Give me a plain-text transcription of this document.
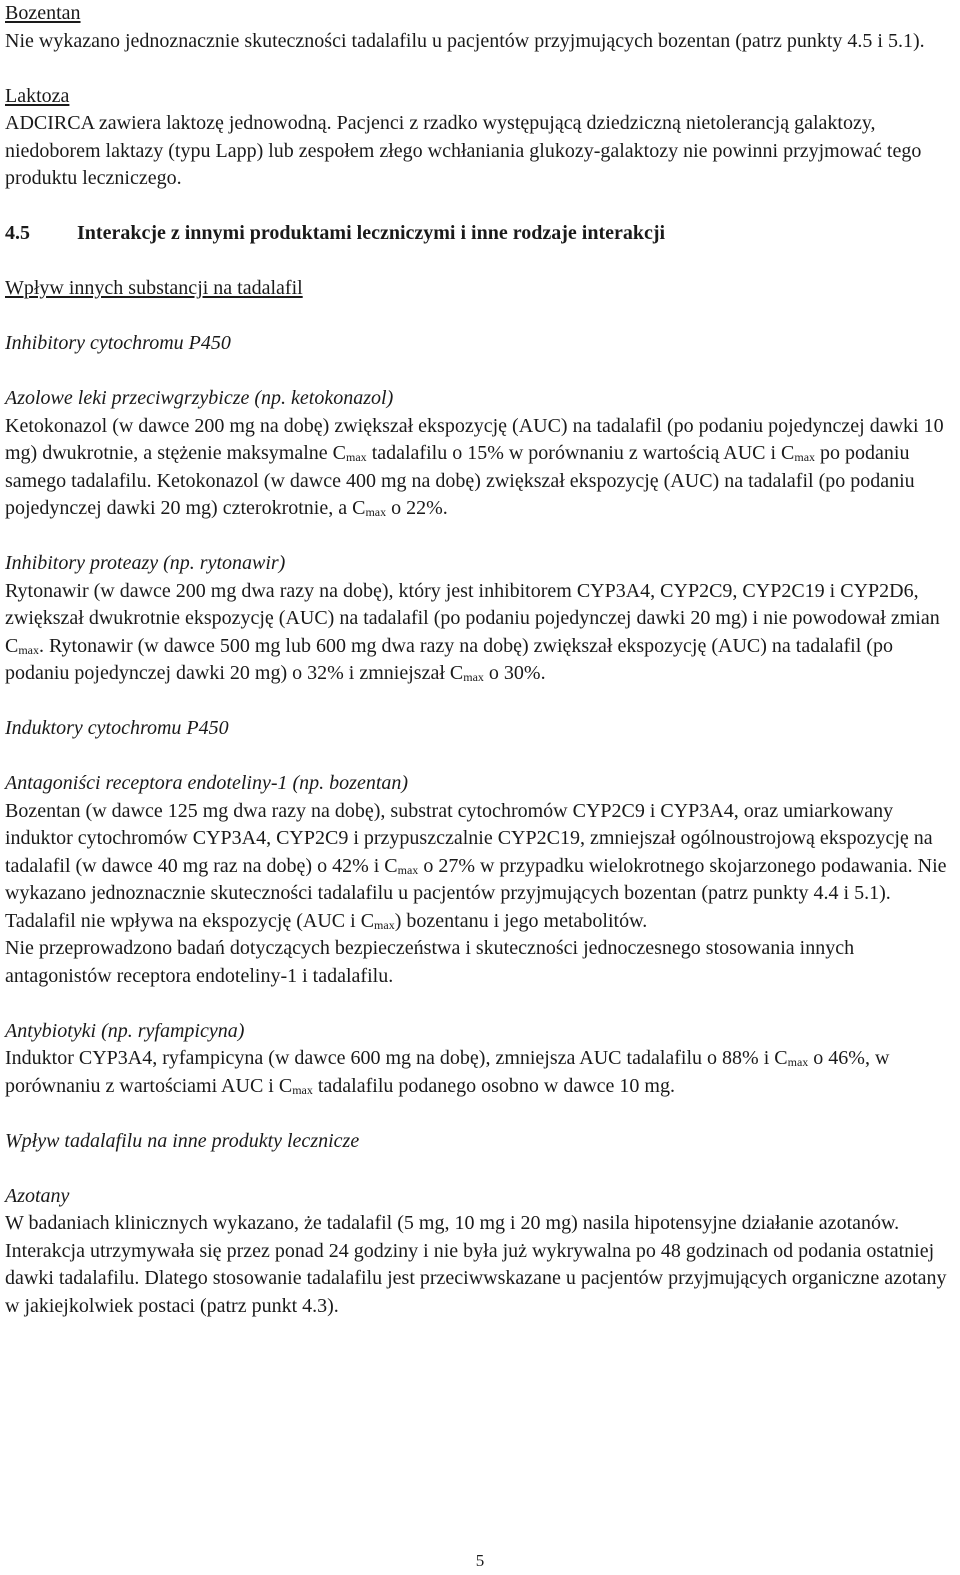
Bozentan

Nie wykazano jednoznacznie skuteczności tadalafilu u pacjentów przyjmujących bozentan (patrz punkty 4.5 i 5.1).

Laktoza

ADCIRCA zawiera laktozę jednowodną. Pacjenci z rzadko występującą dziedziczną nietolerancją galaktozy, niedoborem laktazy (typu Lapp) lub zespołem złego wchłaniania glukozy-galaktozy nie powinni przyjmować tego produktu leczniczego.

4.5	Interakcje z innymi produktami leczniczymi i inne rodzaje interakcji

Wpływ innych substancji na tadalafil

Inhibitory cytochromu P450

Azolowe leki przeciwgrzybicze (np. ketokonazol)

Ketokonazol (w dawce 200 mg na dobę) zwiększał ekspozycję (AUC) na tadalafil (po podaniu pojedynczej dawki 10 mg) dwukrotnie, a stężenie maksymalne $C_{max}$ tadalafilu o 15% w porównaniu z wartością AUC i $C_{max}$ po podaniu samego tadalafilu. Ketokonazol (w dawce 400 mg na dobę) zwiększał ekspozycję (AUC) na tadalafil (po podaniu pojedynczej dawki 20 mg) czterokrotnie, a $C_{max}$ o 22%.

Inhibitory proteazy (np. rytonawir)

Rytonawir (w dawce 200 mg dwa razy na dobę), który jest inhibitorem CYP3A4, CYP2C9, CYP2C19 i CYP2D6, zwiększał dwukrotnie ekspozycję (AUC) na tadalafil (po podaniu pojedynczej dawki 20 mg) i nie powodował zmian $C_{max}$. Rytonawir (w dawce 500 mg lub 600 mg dwa razy na dobę) zwiększał ekspozycję (AUC) na tadalafil (po podaniu pojedynczej dawki 20 mg) o 32% i zmniejszał $C_{max}$ o 30%.

Induktory cytochromu P450

Antagoniści receptora endoteliny-1 (np. bozentan)

Bozentan (w dawce 125 mg dwa razy na dobę), substrat cytochromów CYP2C9 i CYP3A4, oraz umiarkowany induktor cytochromów CYP3A4, CYP2C9 i przypuszczalnie CYP2C19, zmniejszał ogólnoustrojową ekspozycję na tadalafil (w dawce 40 mg raz na dobę) o 42% i $C_{max}$ o 27% w przypadku wielokrotnego skojarzonego podawania. Nie wykazano jednoznacznie skuteczności tadalafilu u pacjentów przyjmujących bozentan (patrz punkty 4.4 i 5.1). Tadalafil nie wpływa na ekspozycję (AUC i $C_{max}$) bozentanu i jego metabolitów.

Nie przeprowadzono badań dotyczących bezpieczeństwa i skuteczności jednoczesnego stosowania innych antagonistów receptora endoteliny-1 i tadalafilu.

Antybiotyki (np. ryfampicyna)

Induktor CYP3A4, ryfampicyna (w dawce 600 mg na dobę), zmniejsza AUC tadalafilu o 88% i $C_{max}$ o 46%, w porównaniu z wartościami AUC i $C_{max}$ tadalafilu podanego osobno w dawce 10 mg.

Wpływ tadalafilu na inne produkty lecznicze

Azotany

W badaniach klinicznych wykazano, że tadalafil (5 mg, 10 mg i 20 mg) nasila hipotensyjne działanie azotanów. Interakcja utrzymywała się przez ponad 24 godziny i nie była już wykrywalna po 48 godzinach od podania ostatniej dawki tadalafilu. Dlatego stosowanie tadalafilu jest przeciwwskazane u pacjentów przyjmujących organiczne azotany w jakiejkolwiek postaci (patrz punkt 4.3).

5
